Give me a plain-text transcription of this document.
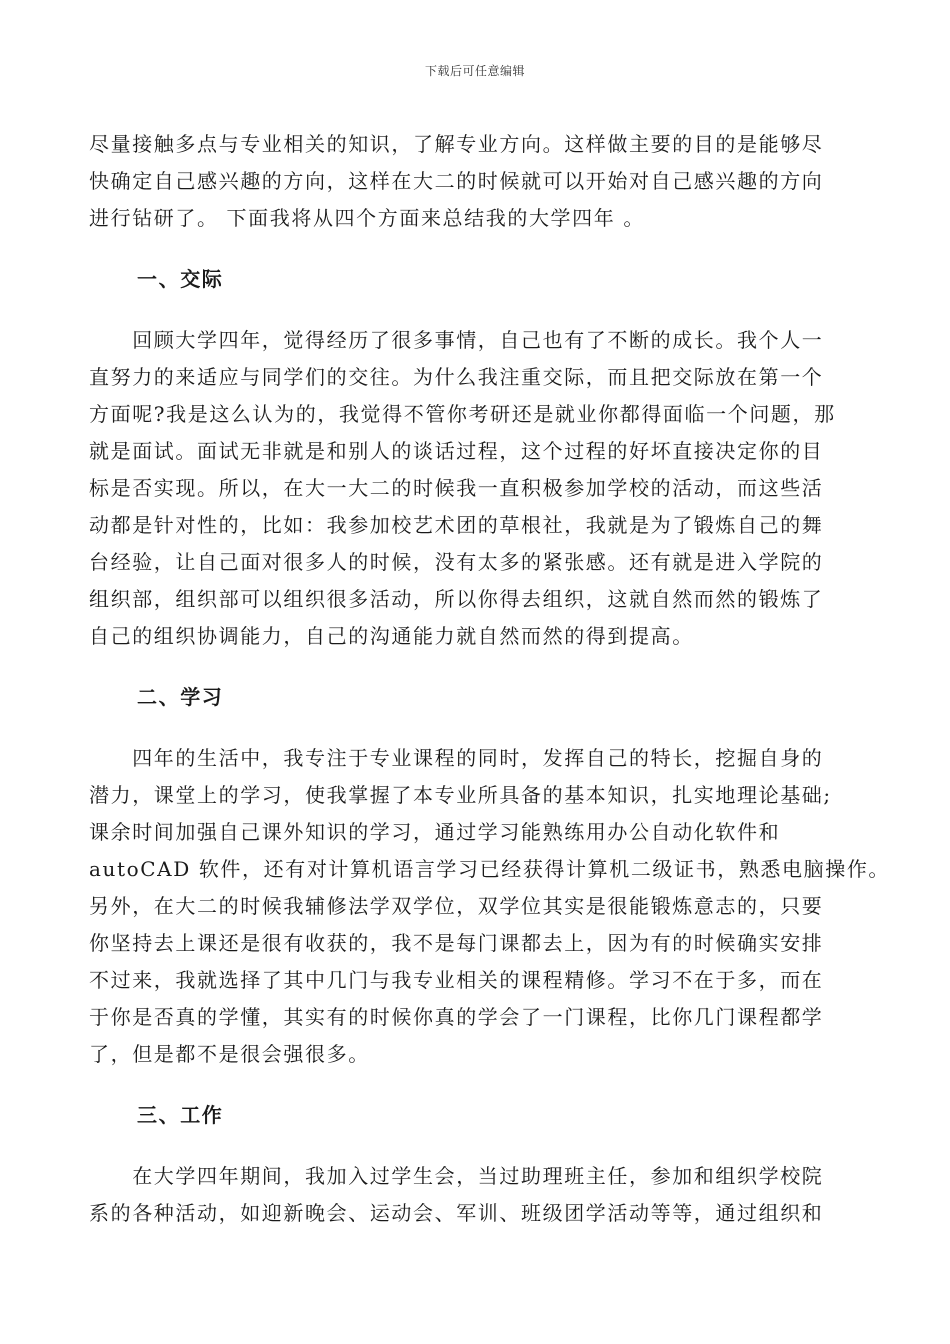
下载后可任意编辑
尽量接触多点与专业相关的知识，了解专业方向。这样做主要的目的是能够尽
快确定自己感兴趣的方向，这样在大二的时候就可以开始对自己感兴趣的方向
进行钻研了。 下面我将从四个方面来总结我的大学四年 。
一、交际
　　回顾大学四年，觉得经历了很多事情，自己也有了不断的成长。我个人一
直努力的来适应与同学们的交往。为什么我注重交际，而且把交际放在第一个
方面呢?我是这么认为的，我觉得不管你考研还是就业你都得面临一个问题，那
就是面试。面试无非就是和别人的谈话过程，这个过程的好坏直接决定你的目
标是否实现。所以，在大一大二的时候我一直积极参加学校的活动，而这些活
动都是针对性的，比如：我参加校艺术团的草根社，我就是为了锻炼自己的舞
台经验，让自己面对很多人的时候，没有太多的紧张感。还有就是进入学院的
组织部，组织部可以组织很多活动，所以你得去组织，这就自然而然的锻炼了
自己的组织协调能力，自己的沟通能力就自然而然的得到提高。
二、学习
　　四年的生活中，我专注于专业课程的同时，发挥自己的特长，挖掘自身的
潜力，课堂上的学习，使我掌握了本专业所具备的基本知识，扎实地理论基础;
课余时间加强自己课外知识的学习，通过学习能熟练用办公自动化软件和
autoCAD 软件，还有对计算机语言学习已经获得计算机二级证书，熟悉电脑操作。
另外，在大二的时候我辅修法学双学位，双学位其实是很能锻炼意志的，只要
你坚持去上课还是很有收获的，我不是每门课都去上，因为有的时候确实安排
不过来，我就选择了其中几门与我专业相关的课程精修。学习不在于多，而在
于你是否真的学懂，其实有的时候你真的学会了一门课程，比你几门课程都学
了，但是都不是很会强很多。
三、工作
　　在大学四年期间，我加入过学生会，当过助理班主任，参加和组织学校院
系的各种活动，如迎新晚会、运动会、军训、班级团学活动等等，通过组织和
